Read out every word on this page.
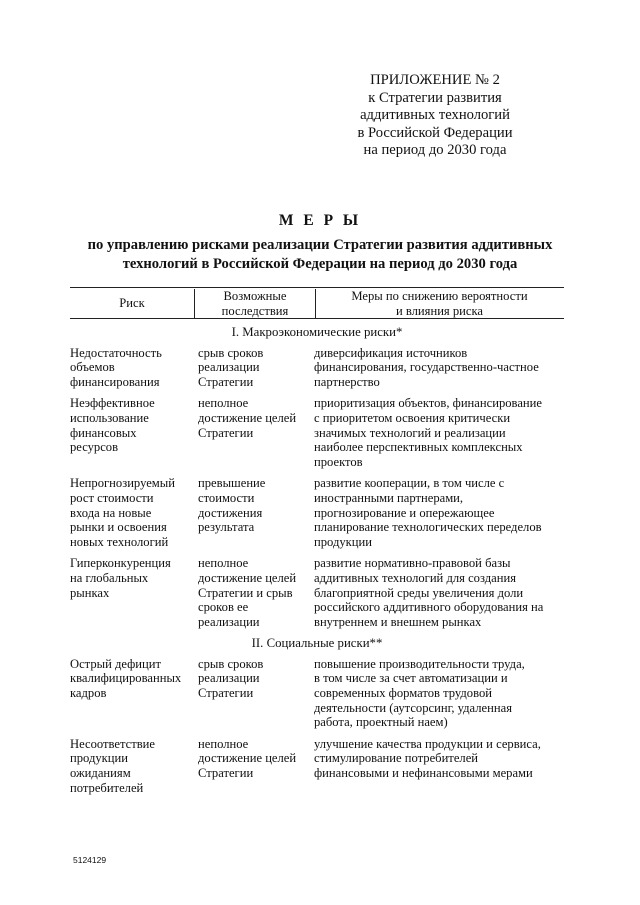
ПРИЛОЖЕНИЕ № 2
к Стратегии развития
аддитивных технологий
в Российской Федерации
на период до 2030 года
М Е Р Ы
по управлению рисками реализации Стратегии развития аддитивных
технологий в Российской Федерации на период до 2030 года
Риск
Возможные
последствия
Меры по снижению вероятности
и влияния риска
I. Макроэкономические риски*
Недостаточность
объемов
финансирования
срыв сроков
реализации
Стратегии
диверсификация источников
финансирования, государственно-частное
партнерство
Неэффективное
использование
финансовых
ресурсов
неполное
достижение целей
Стратегии
приоритизация объектов, финансирование
с приоритетом освоения критически
значимых технологий и реализации
наиболее перспективных комплексных
проектов
Непрогнозируемый
рост стоимости
входа на новые
рынки и освоения
новых технологий
превышение
стоимости
достижения
результата
развитие кооперации, в том числе с
иностранными партнерами,
прогнозирование и опережающее
планирование технологических переделов
продукции
Гиперконкуренция
на глобальных
рынках
неполное
достижение целей
Стратегии и срыв
сроков ее
реализации
развитие нормативно-правовой базы
аддитивных технологий для создания
благоприятной среды увеличения доли
российского аддитивного оборудования на
внутреннем и внешнем рынках
II. Социальные риски**
Острый дефицит
квалифицированных
кадров
срыв сроков
реализации
Стратегии
повышение производительности труда,
в том числе за счет автоматизации и
современных форматов трудовой
деятельности (аутсорсинг, удаленная
работа, проектный наем)
Несоответствие
продукции
ожиданиям
потребителей
неполное
достижение целей
Стратегии
улучшение качества продукции и сервиса,
стимулирование потребителей
финансовыми и нефинансовыми мерами
5124129
